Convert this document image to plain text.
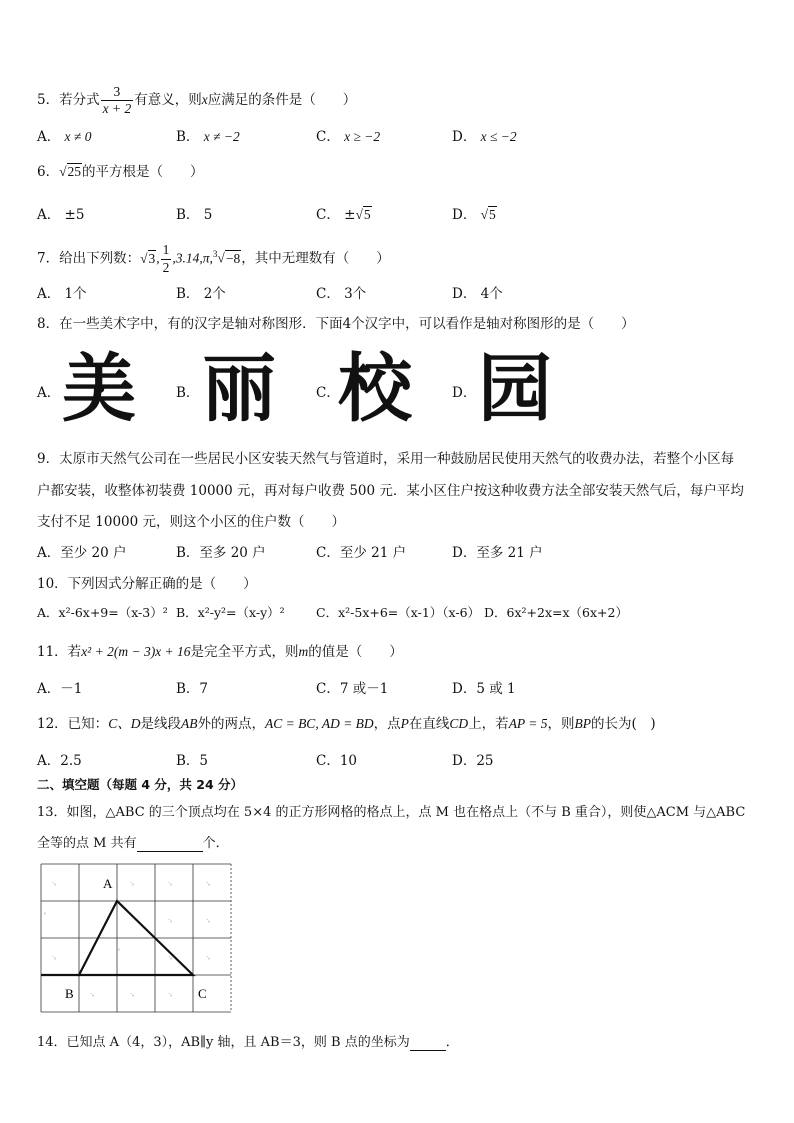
5．若分式 $\frac{3}{x + 2}$ 有意义，则x应满足的条件是（　　）
A． x ≠ 0	B． x ≠ −2	C． x ≥ −2	D． x ≤ −2
6．√25的平方根是（　　）
A． ±5	B． 5	C． ±√5	D． √5
7．给出下列数：√3, $\frac{1}{2} ,3.14,\pi,^3√-8$，其中无理数有（　　）
A． 1个	B． 2个	C． 3个	D． 4个
8．在一些美术字中，有的汉字是轴对称图形．下面4个汉字中，可以看作是轴对称图形的是（　　）
A． 美	B． 丽	C．
校	D． 园
9．太原市天然气公司在一些居民小区安装天然气与管道时，采用一种鼓励居民使用天然气的收费办法，若整个小区每
户都安装，收整体初装费 10000 元，再对每户收费 500 元．某小区住户按这种收费方法全部安装天然气后，每户平均
支付不足 10000 元，则这个小区的住户数（　　）
A．至少 20 户	B．至多 20 户	C．至少 21 户	D．至多 21 户
10．下列因式分解正确的是（　　）
A．x²-6x+9=（x-3）² B．x²-y²=（x-y）²	C．x²-5x+6=（x-1）（x-6） D．6x²+2x=x（6x+2）
11．若x² + 2(m − 3)x + 16是完全平方式，则m的值是（　　）
A．－1	B．7	C．7 或－1	D．5 或 1
12．已知：C、D是线段AB外的两点，AC = BC, AD = BD，点P在直线CD上，若AP = 5，则BP的长为(　)
A．2.5	B．5	C．10	D．25
二、填空题（每题 4 分，共 24 分）
13．如图，△ABC 的三个顶点均在 5×4 的正方形网格的格点上，点 M 也在格点上（不与 B 重合），则使△ACM 与△ABC
全等的点 M 共有	个．
·ₑ	·ₑ	·ₑ	·ₑ
ₑ
·ₑ	·ₑ
·ₑ
ₑ
·ₑ	·ₑ
·ₑ	·ₑ	·ₑ
A
B	C
14．已知点 A（4，3），AB∥y 轴，且 AB＝3，则 B 点的坐标为	．
